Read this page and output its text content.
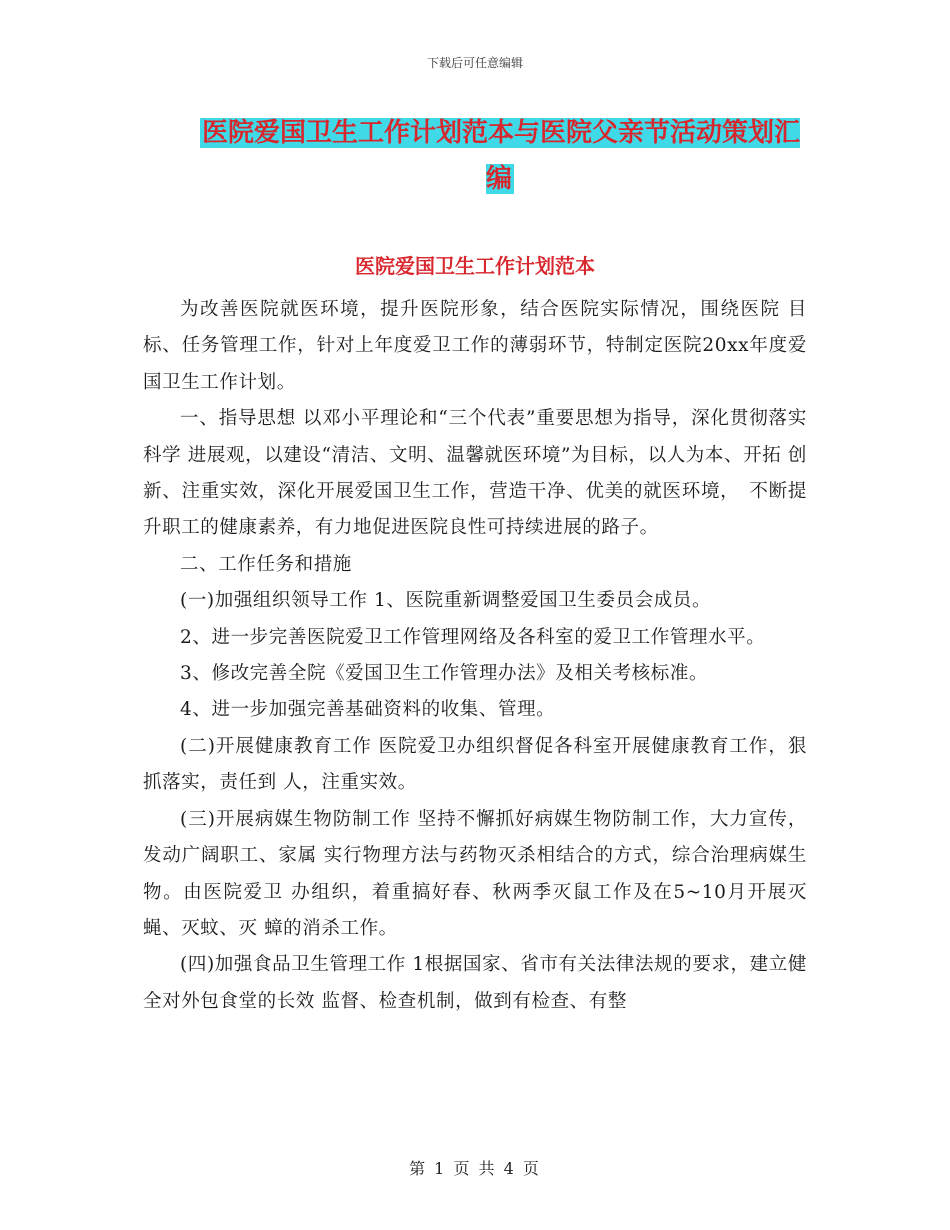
下载后可任意编辑
医院爱国卫生工作计划范本与医院父亲节活动策划汇编
医院爱国卫生工作计划范本

为改善医院就医环境，提升医院形象，结合医院实际情况，围绕医院 目标、任务管理工作，针对上年度爱卫工作的薄弱环节，特制定医院20xx年度爱国卫生工作计划。

一、指导思想 以邓小平理论和“三个代表”重要思想为指导，深化贯彻落实科学 进展观，以建设“清洁、文明、温馨就医环境”为目标，以人为本、开拓 创新、注重实效，深化开展爱国卫生工作，营造干净、优美的就医环境，　不断提升职工的健康素养，有力地促进医院良性可持续进展的路子。

二、工作任务和措施

(一)加强组织领导工作 1、医院重新调整爱国卫生委员会成员。

2、进一步完善医院爱卫工作管理网络及各科室的爱卫工作管理水平。

3、修改完善全院《爱国卫生工作管理办法》及相关考核标准。

4、进一步加强完善基础资料的收集、管理。

(二)开展健康教育工作 医院爱卫办组织督促各科室开展健康教育工作，狠抓落实，责任到 人，注重实效。

(三)开展病媒生物防制工作 坚持不懈抓好病媒生物防制工作，大力宣传，发动广阔职工、家属 实行物理方法与药物灭杀相结合的方式，综合治理病媒生物。由医院爱卫 办组织，着重搞好春、秋两季灭鼠工作及在5~10月开展灭蝇、灭蚊、灭 蟑的消杀工作。

(四)加强食品卫生管理工作 1根据国家、省市有关法律法规的要求，建立健全对外包食堂的长效 监督、检查机制，做到有检查、有整

第 1 页 共 4 页
